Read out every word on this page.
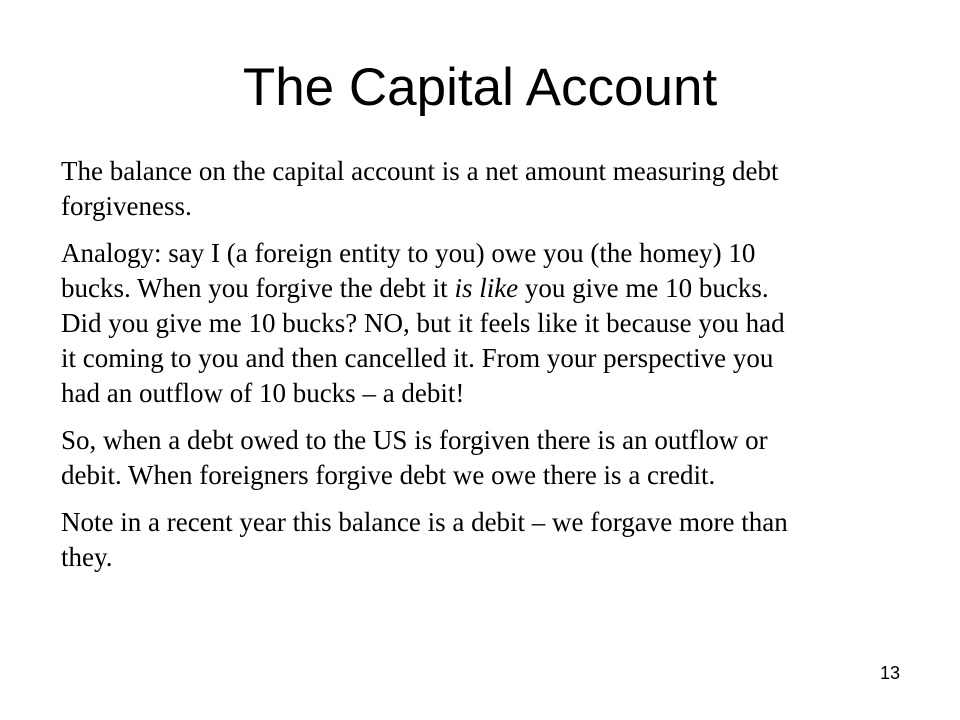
The Capital Account

The balance on the capital account is a net amount measuring debt
forgiveness.

Analogy: say I (a foreign entity to you) owe you (the homey) 10
bucks. When you forgive the debt it is like you give me 10 bucks.
Did you give me 10 bucks? NO, but it feels like it because you had
it coming to you and then cancelled it. From your perspective you
had an outflow of 10 bucks – a debit!

So, when a debt owed to the US is forgiven there is an outflow or
debit. When foreigners forgive debt we owe there is a credit.

Note in a recent year this balance is a debit – we forgave more than
they.

13
